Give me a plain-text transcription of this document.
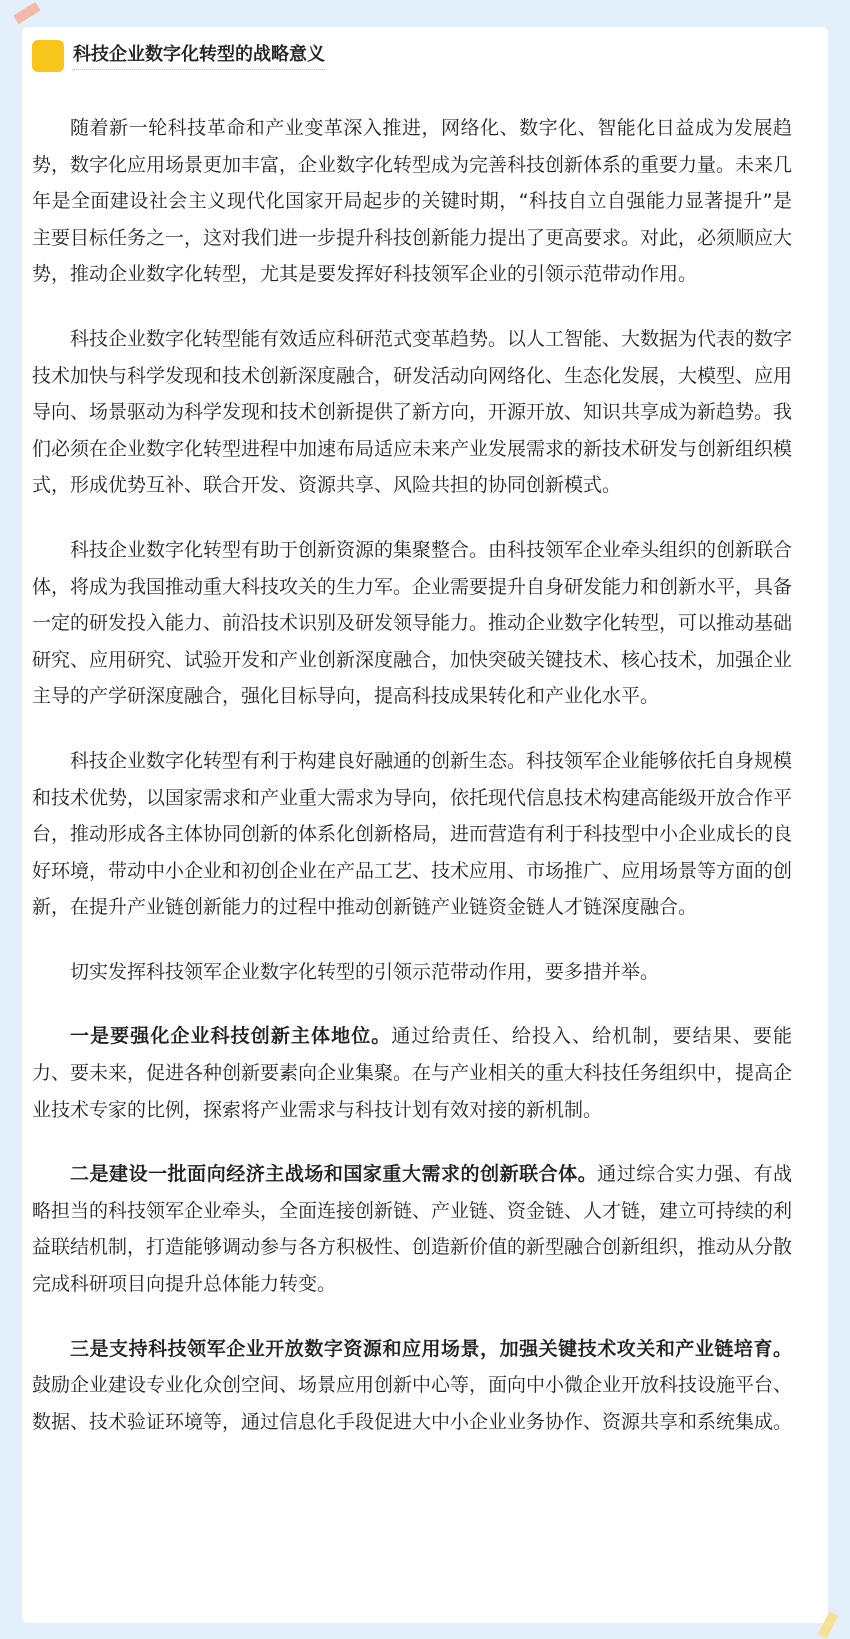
科技企业数字化转型的战略意义

随着新一轮科技革命和产业变革深入推进，网络化、数字化、智能化日益成为发展趋势，数字化应用场景更加丰富，企业数字化转型成为完善科技创新体系的重要力量。未来几年是全面建设社会主义现代化国家开局起步的关键时期，“科技自立自强能力显著提升”是主要目标任务之一，这对我们进一步提升科技创新能力提出了更高要求。对此，必须顺应大势，推动企业数字化转型，尤其是要发挥好科技领军企业的引领示范带动作用。

科技企业数字化转型能有效适应科研范式变革趋势。以人工智能、大数据为代表的数字技术加快与科学发现和技术创新深度融合，研发活动向网络化、生态化发展，大模型、应用导向、场景驱动为科学发现和技术创新提供了新方向，开源开放、知识共享成为新趋势。我们必须在企业数字化转型进程中加速布局适应未来产业发展需求的新技术研发与创新组织模式，形成优势互补、联合开发、资源共享、风险共担的协同创新模式。

科技企业数字化转型有助于创新资源的集聚整合。由科技领军企业牵头组织的创新联合体，将成为我国推动重大科技攻关的生力军。企业需要提升自身研发能力和创新水平，具备一定的研发投入能力、前沿技术识别及研发领导能力。推动企业数字化转型，可以推动基础研究、应用研究、试验开发和产业创新深度融合，加快突破关键技术、核心技术，加强企业主导的产学研深度融合，强化目标导向，提高科技成果转化和产业化水平。

科技企业数字化转型有利于构建良好融通的创新生态。科技领军企业能够依托自身规模和技术优势，以国家需求和产业重大需求为导向，依托现代信息技术构建高能级开放合作平台，推动形成各主体协同创新的体系化创新格局，进而营造有利于科技型中小企业成长的良好环境，带动中小企业和初创企业在产品工艺、技术应用、市场推广、应用场景等方面的创新，在提升产业链创新能力的过程中推动创新链产业链资金链人才链深度融合。

切实发挥科技领军企业数字化转型的引领示范带动作用，要多措并举。

一是要强化企业科技创新主体地位。通过给责任、给投入、给机制，要结果、要能力、要未来，促进各种创新要素向企业集聚。在与产业相关的重大科技任务组织中，提高企业技术专家的比例，探索将产业需求与科技计划有效对接的新机制。

二是建设一批面向经济主战场和国家重大需求的创新联合体。通过综合实力强、有战略担当的科技领军企业牵头，全面连接创新链、产业链、资金链、人才链，建立可持续的利益联结机制，打造能够调动参与各方积极性、创造新价值的新型融合创新组织，推动从分散完成科研项目向提升总体能力转变。

三是支持科技领军企业开放数字资源和应用场景，加强关键技术攻关和产业链培育。鼓励企业建设专业化众创空间、场景应用创新中心等，面向中小微企业开放科技设施平台、数据、技术验证环境等，通过信息化手段促进大中小企业业务协作、资源共享和系统集成。
